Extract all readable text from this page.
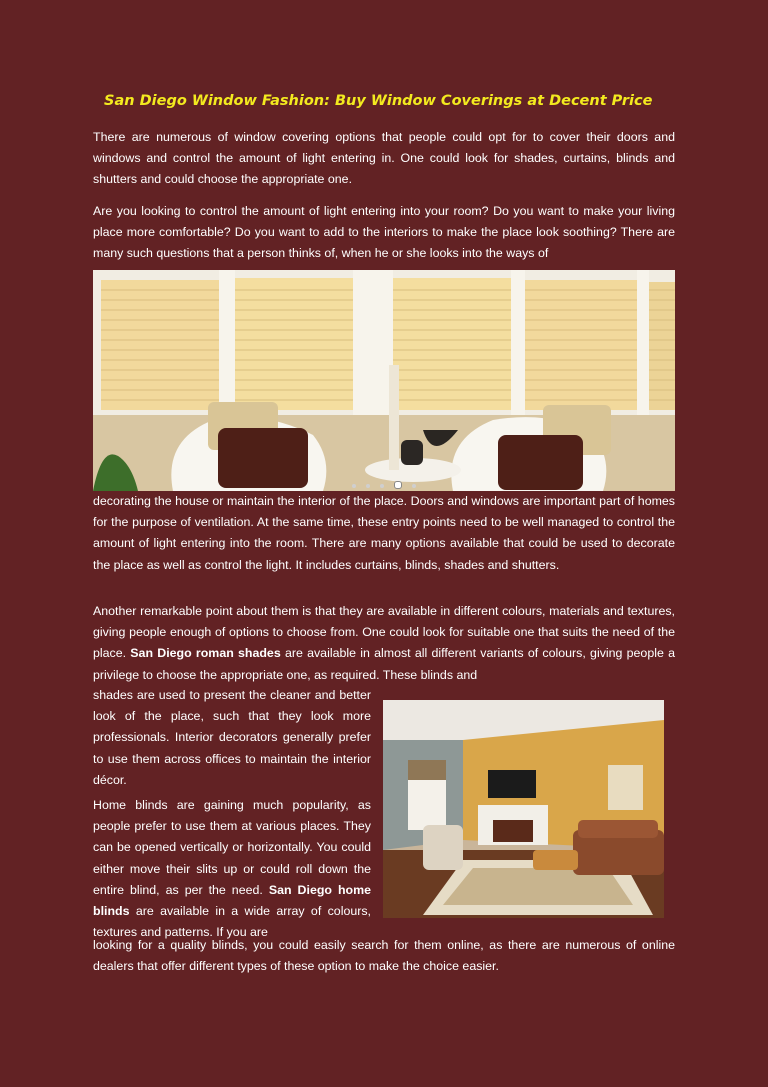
San Diego Window Fashion: Buy Window Coverings at Decent Price

There are numerous of window covering options that people could opt for to cover their doors and windows and control the amount of light entering in. One could look for shades, curtains, blinds and shutters and could choose the appropriate one.

Are you looking to control the amount of light entering into your room? Do you want to make your living place more comfortable? Do you want to add to the interiors to make the place look soothing? There are many such questions that a person thinks of, when he or she looks into the ways of

decorating the house or maintain the interior of the place. Doors and windows are important part of homes for the purpose of ventilation. At the same time, these entry points need to be well managed to control the amount of light entering into the room. There are many options available that could be used to decorate the place as well as control the light. It includes curtains, blinds, shades and shutters.

Another remarkable point about them is that they are available in different colours, materials and textures, giving people enough of options to choose from. One could look for suitable one that suits the need of the place. San Diego roman shades are available in almost all different variants of colours, giving people a privilege to choose the appropriate one, as required. These blinds and

shades are used to present the cleaner and better look of the place, such that they look more professionals. Interior decorators generally prefer to use them across offices to maintain the interior décor.

Home blinds are gaining much popularity, as people prefer to use them at various places. They can be opened vertically or horizontally. You could either move their slits up or could roll down the entire blind, as per the need. San Diego home blinds are available in a wide array of colours, textures and patterns. If you are

looking for a quality blinds, you could easily search for them online, as there are numerous of online dealers that offer different types of these option to make the choice easier.
